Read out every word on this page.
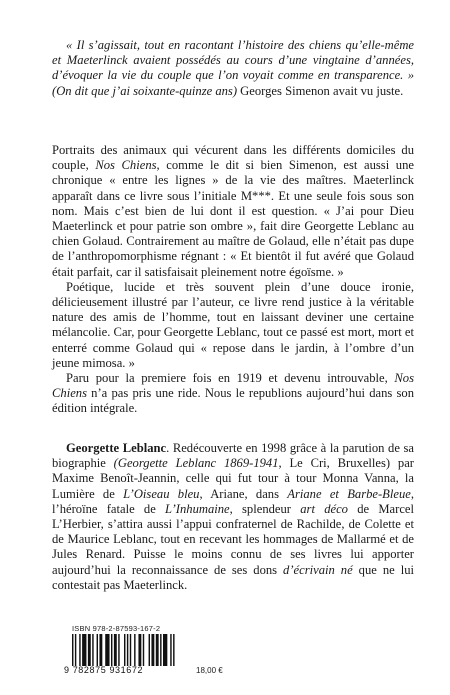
« Il s’agissait, tout en racontant l’histoire des chiens qu’elle-même et Maeterlinck avaient possédés au cours d’une vingtaine d’années, d’évoquer la vie du couple que l’on voyait comme en transparence. » (On dit que j’ai soixante-quinze ans) Georges Simenon avait vu juste.

Portraits des animaux qui vécurent dans les différents domiciles du couple, Nos Chiens, comme le dit si bien Simenon, est aussi une chronique « entre les lignes » de la vie des maîtres. Maeterlinck apparaît dans ce livre sous l’initiale M***. Et une seule fois sous son nom. Mais c’est bien de lui dont il est question. « J’ai pour Dieu Maeterlinck et pour patrie son ombre », fait dire Georgette Leblanc au chien Golaud. Contrairement au maître de Golaud, elle n’était pas dupe de l’anthropomorphisme régnant : « Et bientôt il fut avéré que Golaud était parfait, car il satisfaisait pleinement notre égoïsme. »

Poétique, lucide et très souvent plein d’une douce ironie, délicieusement illustré par l’auteur, ce livre rend justice à la véritable nature des amis de l’homme, tout en laissant deviner une certaine mélancolie. Car, pour Georgette Leblanc, tout ce passé est mort, mort et enterré comme Golaud qui « repose dans le jardin, à l’ombre d’un jeune mimosa. »

Paru pour la premiere fois en 1919 et devenu introuvable, Nos Chiens n’a pas pris une ride. Nous le republions aujourd’hui dans son édition intégrale.

Georgette Leblanc. Redécouverte en 1998 grâce à la parution de sa biographie (Georgette Leblanc 1869-1941, Le Cri, Bruxelles) par Maxime Benoît-Jeannin, celle qui fut tour à tour Monna Vanna, la Lumière de L’Oiseau bleu, Ariane, dans Ariane et Barbe-Bleue, l’héroïne fatale de L’Inhumaine, splendeur art déco de Marcel L’Herbier, s’attira aussi l’appui confraternel de Rachilde, de Colette et de Maurice Leblanc, tout en recevant les hommages de Mallarmé et de Jules Renard. Puisse le moins connu de ses livres lui apporter aujourd’hui la reconnaissance de ses dons d’écrivain né que ne lui contestait pas Maeterlinck.

ISBN 978-2-87593-167-2
9 782875 931672	18,00 €
